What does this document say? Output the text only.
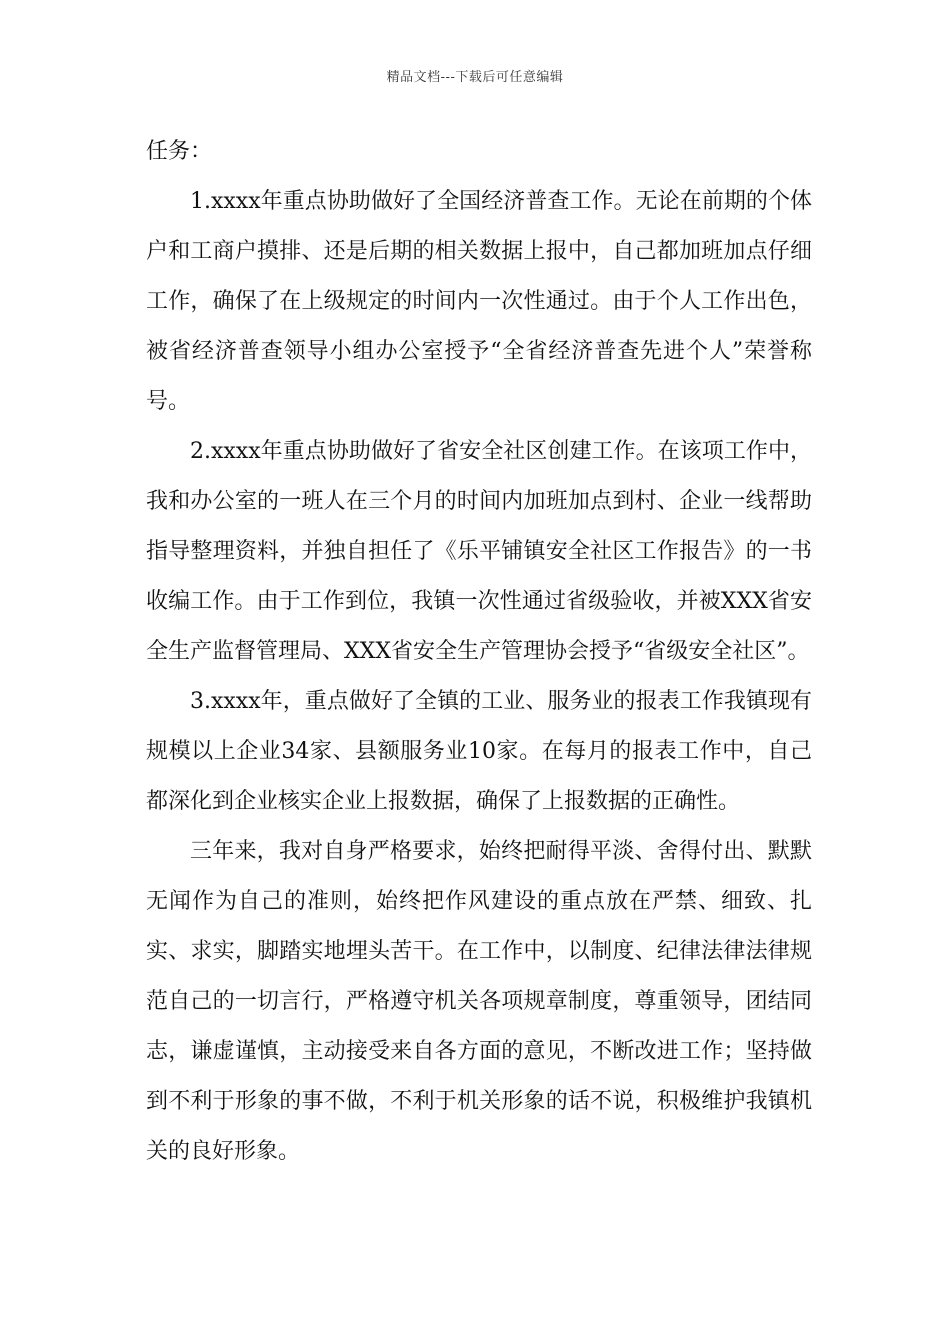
精品文档---下载后可任意编辑

任务：

1.xxxx年重点协助做好了全国经济普查工作。无论在前期的个体户和工商户摸排、还是后期的相关数据上报中，自己都加班加点仔细工作，确保了在上级规定的时间内一次性通过。由于个人工作出色，被省经济普查领导小组办公室授予“全省经济普查先进个人”荣誉称号。

2.xxxx年重点协助做好了省安全社区创建工作。在该项工作中，我和办公室的一班人在三个月的时间内加班加点到村、企业一线帮助指导整理资料，并独自担任了《乐平铺镇安全社区工作报告》的一书收编工作。由于工作到位，我镇一次性通过省级验收，并被XXX省安全生产监督管理局、XXX省安全生产管理协会授予“省级安全社区”。

3.xxxx年，重点做好了全镇的工业、服务业的报表工作我镇现有规模以上企业34家、县额服务业10家。在每月的报表工作中，自己都深化到企业核实企业上报数据，确保了上报数据的正确性。

三年来，我对自身严格要求，始终把耐得平淡、舍得付出、默默无闻作为自己的准则，始终把作风建设的重点放在严禁、细致、扎实、求实，脚踏实地埋头苦干。在工作中，以制度、纪律法律法律规范自己的一切言行，严格遵守机关各项规章制度，尊重领导，团结同志，谦虚谨慎，主动接受来自各方面的意见，不断改进工作；坚持做到不利于形象的事不做，不利于机关形象的话不说，积极维护我镇机关的良好形象。
